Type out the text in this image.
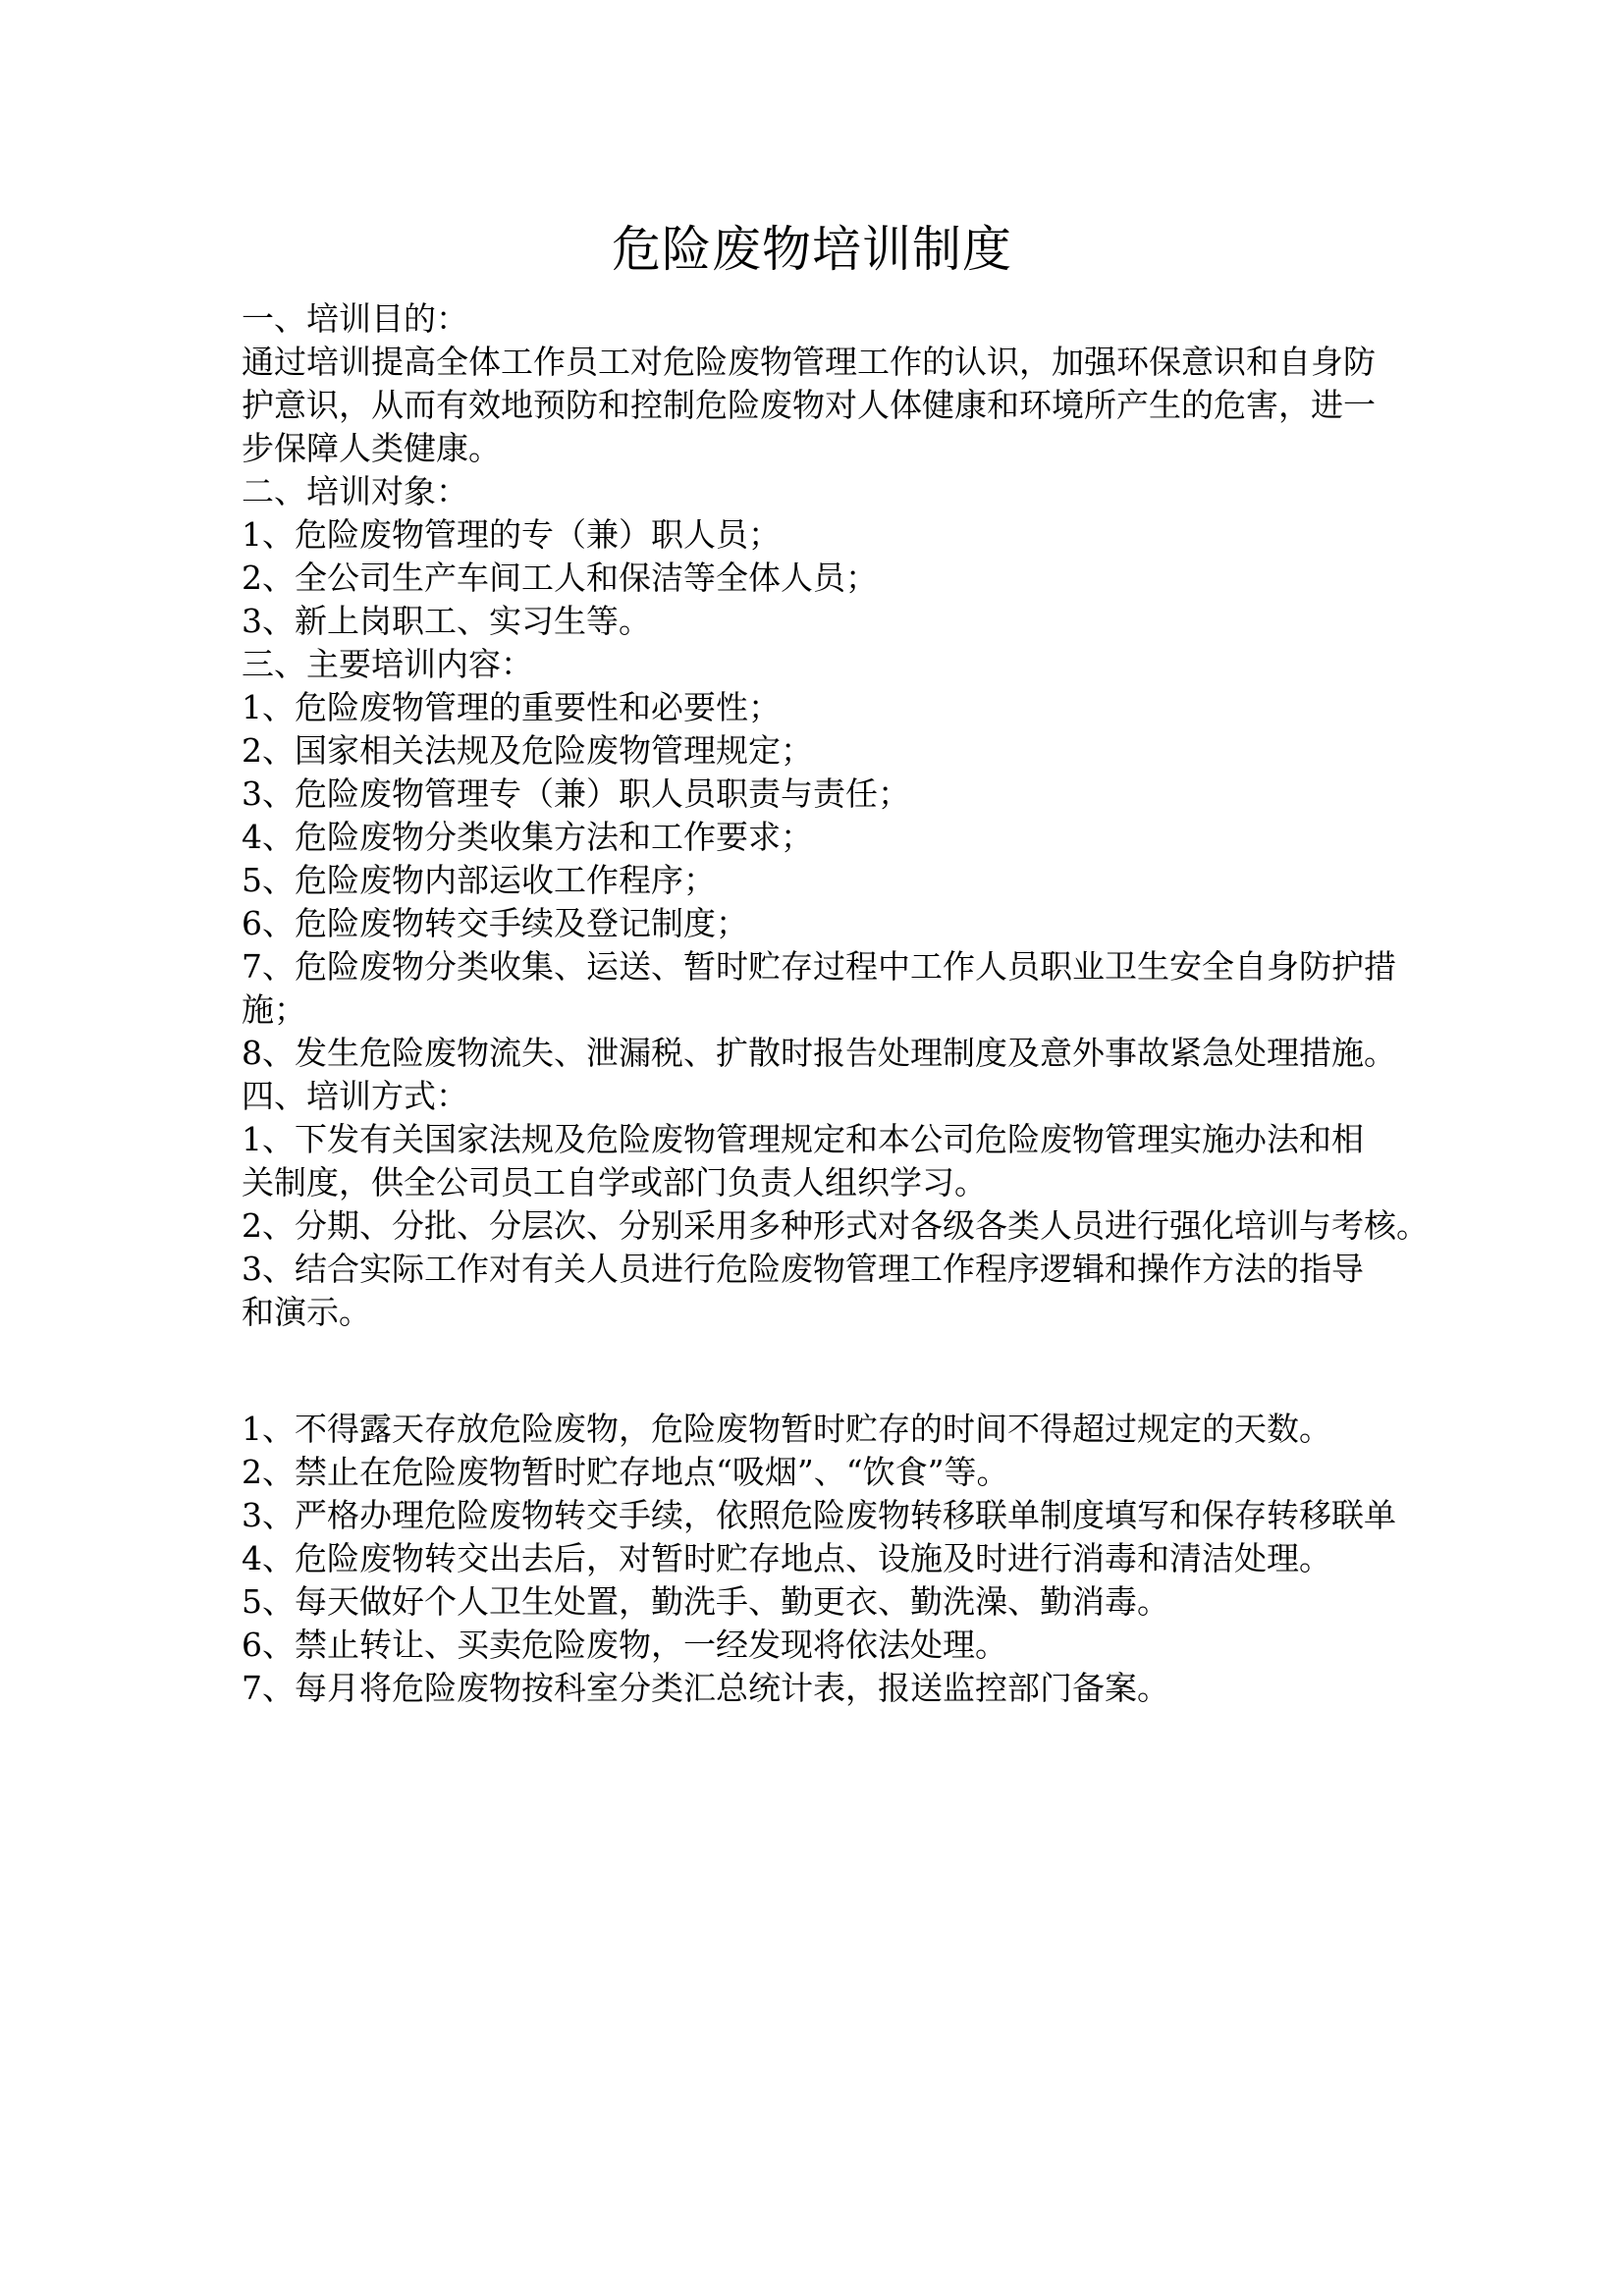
危险废物培训制度
一、培训目的：
通过培训提高全体工作员工对危险废物管理工作的认识，加强环保意识和自身防
护意识，从而有效地预防和控制危险废物对人体健康和环境所产生的危害，进一
步保障人类健康。
二、培训对象：
1、危险废物管理的专（兼）职人员；
2、全公司生产车间工人和保洁等全体人员；
3、新上岗职工、实习生等。
三、主要培训内容：
1、危险废物管理的重要性和必要性；
2、国家相关法规及危险废物管理规定；
3、危险废物管理专（兼）职人员职责与责任；
4、危险废物分类收集方法和工作要求；
5、危险废物内部运收工作程序；
6、危险废物转交手续及登记制度；
7、危险废物分类收集、运送、暂时贮存过程中工作人员职业卫生安全自身防护措
施；
8、发生危险废物流失、泄漏税、扩散时报告处理制度及意外事故紧急处理措施。
四、培训方式：
1、下发有关国家法规及危险废物管理规定和本公司危险废物管理实施办法和相
关制度，供全公司员工自学或部门负责人组织学习。
2、分期、分批、分层次、分别采用多种形式对各级各类人员进行强化培训与考核。
3、结合实际工作对有关人员进行危险废物管理工作程序逻辑和操作方法的指导
和演示。
1、不得露天存放危险废物，危险废物暂时贮存的时间不得超过规定的天数。
2、禁止在危险废物暂时贮存地点“吸烟”、“饮食”等。
3、严格办理危险废物转交手续，依照危险废物转移联单制度填写和保存转移联单
4、危险废物转交出去后，对暂时贮存地点、设施及时进行消毒和清洁处理。
5、每天做好个人卫生处置，勤洗手、勤更衣、勤洗澡、勤消毒。
6、禁止转让、买卖危险废物，一经发现将依法处理。
7、每月将危险废物按科室分类汇总统计表，报送监控部门备案。
